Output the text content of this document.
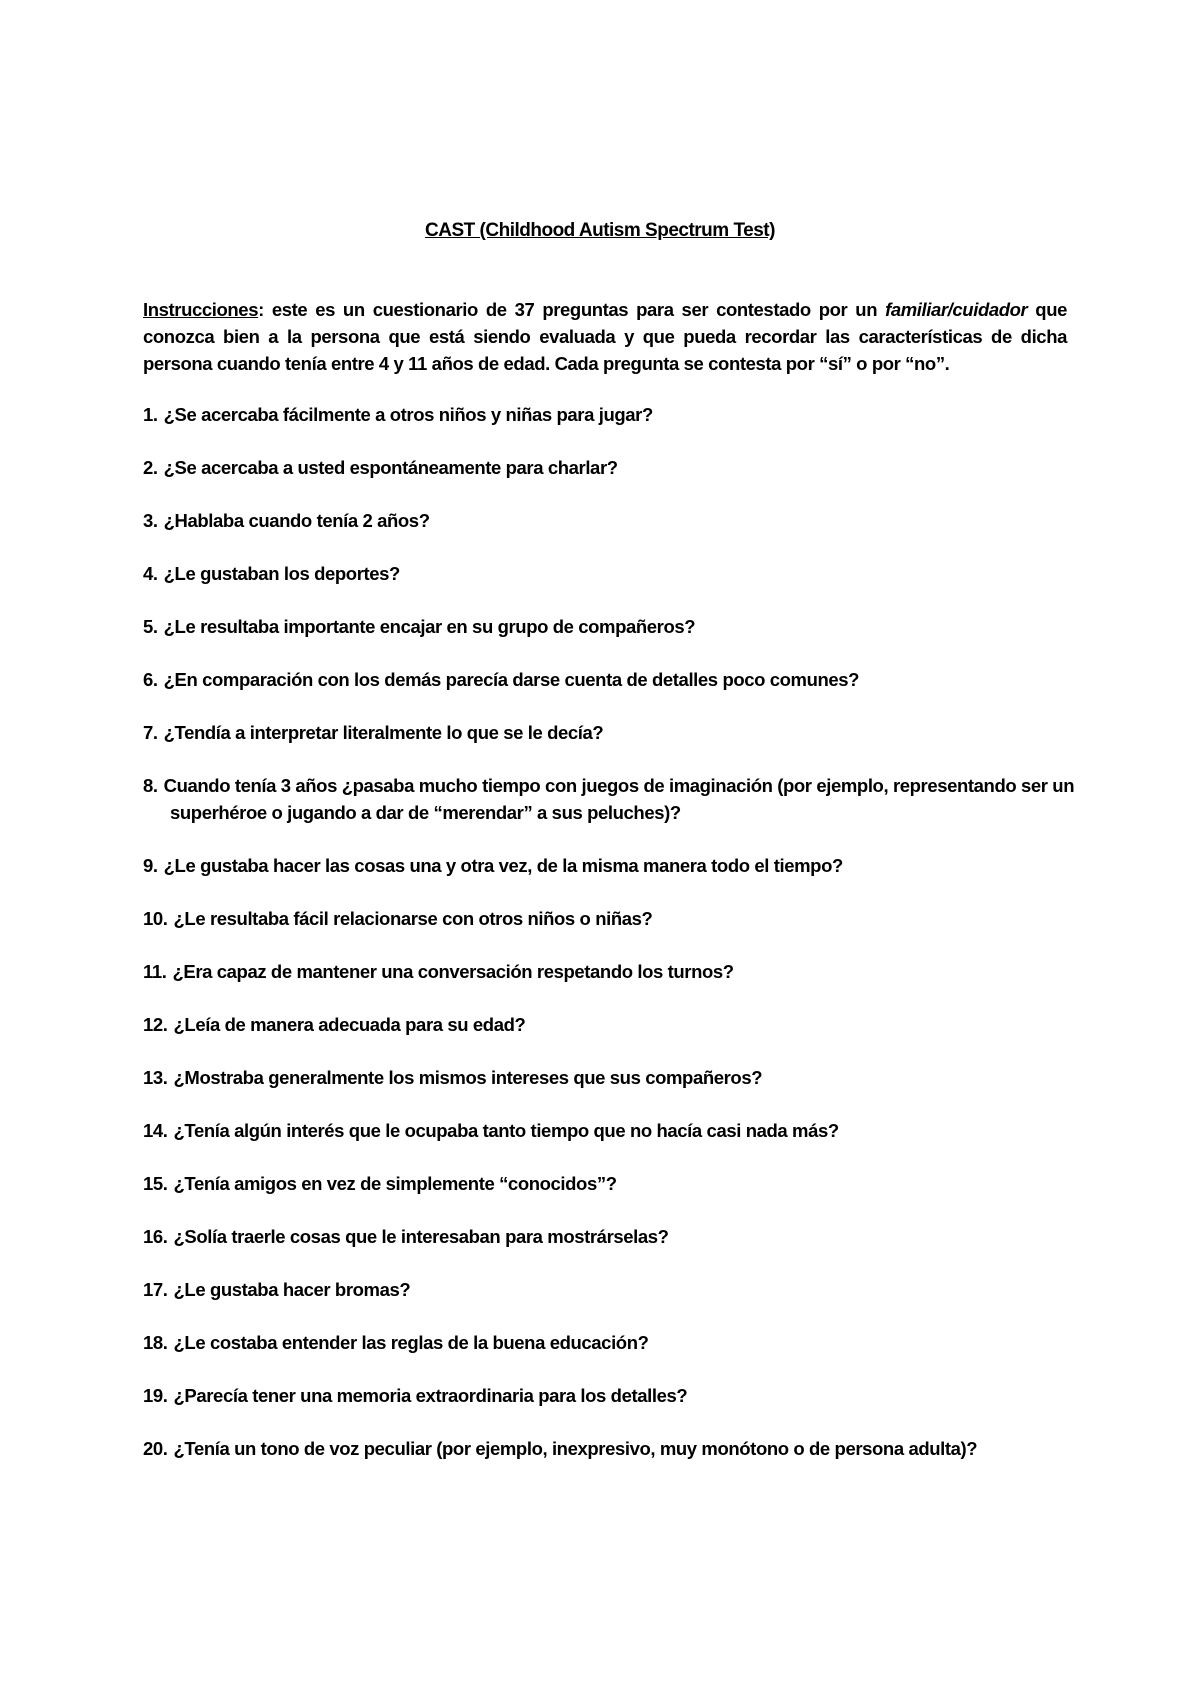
CAST (Childhood Autism Spectrum Test)
Instrucciones: este es un cuestionario de 37 preguntas para ser contestado por un familiar/cuidador que conozca bien a la persona que está siendo evaluada y que pueda recordar las características de dicha persona cuando tenía entre 4 y 11 años de edad. Cada pregunta se contesta por “sí” o por “no”.
1. ¿Se acercaba fácilmente a otros niños y niñas para jugar?
2. ¿Se acercaba a usted espontáneamente para charlar?
3. ¿Hablaba cuando tenía 2 años?
4. ¿Le gustaban los deportes?
5. ¿Le resultaba importante encajar en su grupo de compañeros?
6. ¿En comparación con los demás parecía darse cuenta de detalles poco comunes?
7. ¿Tendía a interpretar literalmente lo que se le decía?
8. Cuando tenía 3 años ¿pasaba mucho tiempo con juegos de imaginación (por ejemplo, representando ser un superhéroe o jugando a dar de “merendar” a sus peluches)?
9. ¿Le gustaba hacer las cosas una y otra vez, de la misma manera todo el tiempo?
10. ¿Le resultaba fácil relacionarse con otros niños o niñas?
11. ¿Era capaz de mantener una conversación respetando los turnos?
12. ¿Leía de manera adecuada para su edad?
13. ¿Mostraba generalmente los mismos intereses que sus compañeros?
14. ¿Tenía algún interés que le ocupaba tanto tiempo que no hacía casi nada más?
15. ¿Tenía amigos en vez de simplemente “conocidos”?
16. ¿Solía traerle cosas que le interesaban para mostrárselas?
17. ¿Le gustaba hacer bromas?
18. ¿Le costaba entender las reglas de la buena educación?
19. ¿Parecía tener una memoria extraordinaria para los detalles?
20. ¿Tenía un tono de voz peculiar (por ejemplo, inexpresivo, muy monótono o de persona adulta)?
